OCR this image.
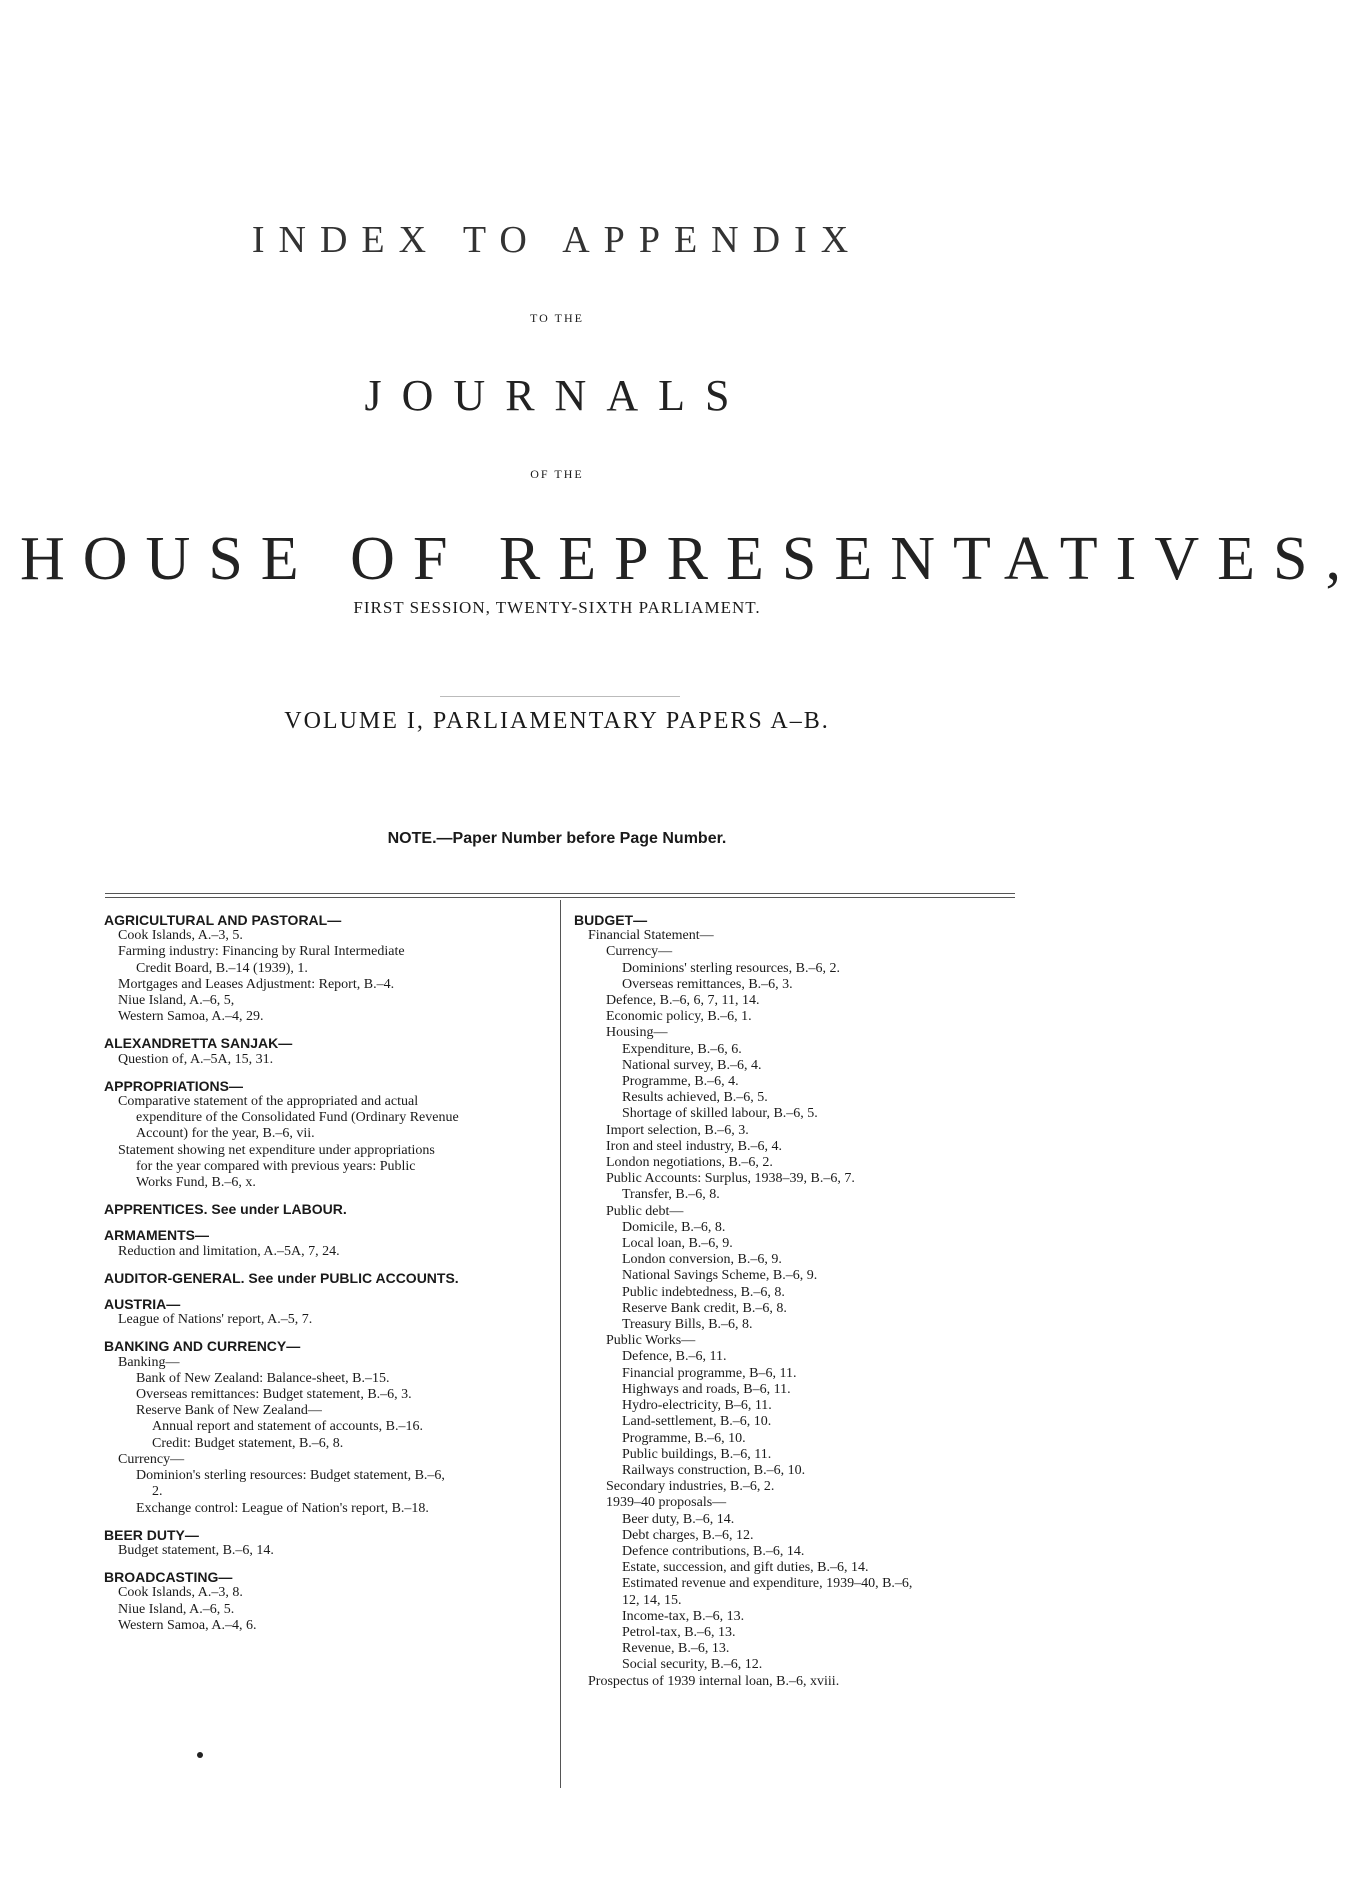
INDEX TO APPENDIX
TO THE
JOURNALS
OF THE
HOUSE OF REPRESENTATIVES,
FIRST SESSION, TWENTY-SIXTH PARLIAMENT.
VOLUME I, PARLIAMENTARY PAPERS A–B.
NOTE.—Paper Number before Page Number.

AGRICULTURAL AND PASTORAL—

Cook Islands, A.–3, 5.

Farming industry: Financing by Rural Intermediate

Credit Board, B.–14 (1939), 1.

Mortgages and Leases Adjustment: Report, B.–4.

Niue Island, A.–6, 5,

Western Samoa, A.–4, 29.

ALEXANDRETTA SANJAK—

Question of, A.–5A, 15, 31.

APPROPRIATIONS—

Comparative statement of the appropriated and actual

expenditure of the Consolidated Fund (Ordinary Revenue

Account) for the year, B.–6, vii.

Statement showing net expenditure under appropriations

for the year compared with previous years: Public

Works Fund, B.–6, x.

APPRENTICES. See under LABOUR.

ARMAMENTS—

Reduction and limitation, A.–5A, 7, 24.

AUDITOR-GENERAL. See under PUBLIC ACCOUNTS.

AUSTRIA—

League of Nations' report, A.–5, 7.

BANKING AND CURRENCY—

Banking—

Bank of New Zealand: Balance-sheet, B.–15.

Overseas remittances: Budget statement, B.–6, 3.

Reserve Bank of New Zealand—

Annual report and statement of accounts, B.–16.

Credit: Budget statement, B.–6, 8.

Currency—

Dominion's sterling resources: Budget statement, B.–6,

2.

Exchange control: League of Nation's report, B.–18.

BEER DUTY—

Budget statement, B.–6, 14.

BROADCASTING—

Cook Islands, A.–3, 8.

Niue Island, A.–6, 5.

Western Samoa, A.–4, 6.

BUDGET—

Financial Statement—

Currency—

Dominions' sterling resources, B.–6, 2.

Overseas remittances, B.–6, 3.

Defence, B.–6, 6, 7, 11, 14.

Economic policy, B.–6, 1.

Housing—

Expenditure, B.–6, 6.

National survey, B.–6, 4.

Programme, B.–6, 4.

Results achieved, B.–6, 5.

Shortage of skilled labour, B.–6, 5.

Import selection, B.–6, 3.

Iron and steel industry, B.–6, 4.

London negotiations, B.–6, 2.

Public Accounts: Surplus, 1938–39, B.–6, 7.

Transfer, B.–6, 8.

Public debt—

Domicile, B.–6, 8.

Local loan, B.–6, 9.

London conversion, B.–6, 9.

National Savings Scheme, B.–6, 9.

Public indebtedness, B.–6, 8.

Reserve Bank credit, B.–6, 8.

Treasury Bills, B.–6, 8.

Public Works—

Defence, B.–6, 11.

Financial programme, B–6, 11.

Highways and roads, B–6, 11.

Hydro-electricity, B–6, 11.

Land-settlement, B.–6, 10.

Programme, B.–6, 10.

Public buildings, B.–6, 11.

Railways construction, B.–6, 10.

Secondary industries, B.–6, 2.

1939–40 proposals—

Beer duty, B.–6, 14.

Debt charges, B.–6, 12.

Defence contributions, B.–6, 14.

Estate, succession, and gift duties, B.–6, 14.

Estimated revenue and expenditure, 1939–40, B.–6,

12, 14, 15.

Income-tax, B.–6, 13.

Petrol-tax, B.–6, 13.

Revenue, B.–6, 13.

Social security, B.–6, 12.

Prospectus of 1939 internal loan, B.–6, xviii.
